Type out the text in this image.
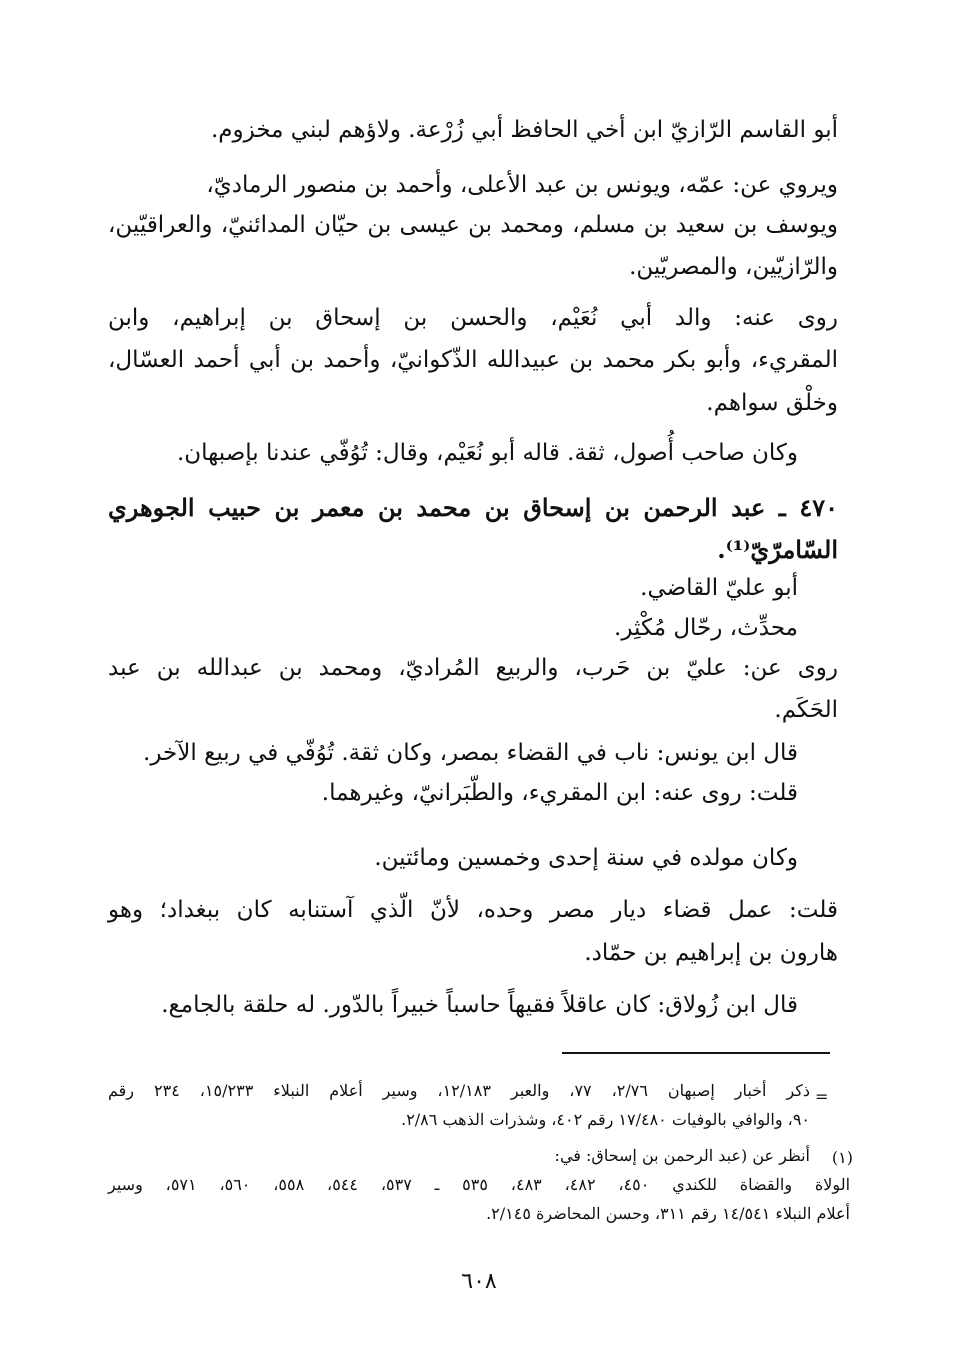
أبو القاسم الرّازيّ ابن أخي الحافظ أبي زُرْعة. ولاؤهم لبني مخزوم.
ويروي عن: عمّه، ويونس بن عبد الأعلى، وأحمد بن منصور الرماديّ،
ويوسف بن سعيد بن مسلم، ومحمد بن عيسى بن حيّان المدائنيّ، والعراقيّين،
والرّازيّين، والمصريّين.
روى عنه: والد أبي نُعَيْم، والحسن بن إسحاق بن إبراهيم، وابن
المقريء، وأبو بكر محمد بن عبيدالله الذّكوانيّ، وأحمد بن أبي أحمد العسّال،
وخلْق سواهم.
وكان صاحب أُصول، ثقة. قاله أبو نُعَيْم، وقال: تُوُفّي عندنا بإصبهان.
٤٧٠ ـ عبد الرحمن بن إسحاق بن محمد بن معمر بن حبيب الجوهري
السّامرّيّ⁽¹⁾.
أبو عليّ القاضي.
محدِّث، رحّال مُكْثِر.
روى عن: عليّ بن حَرب، والربيع المُراديّ، ومحمد بن عبدالله بن عبد
الحَكَم.
قال ابن يونس: ناب في القضاء بمصر، وكان ثقة. تُوُفّي في ربيع الآخر.
قلت: روى عنه: ابن المقريء، والطّبَرانيّ، وغيرهما.
وكان مولده في سنة إحدى وخمسين ومائتين.
قلت: عمل قضاء ديار مصر وحده، لأنّ الّذي آستنابه كان ببغداد؛ وهو
هارون بن إبراهيم بن حمّاد.
قال ابن زُولاق: كان عاقلاً فقيهاً حاسباً خبيراً بالدّور. له حلقة بالجامع.
=
ذكر أخبار إصبهان ٢/٧٦، ٧٧، والعبر ١٢/١٨٣، وسير أعلام النبلاء ١٥/٢٣٣، ٢٣٤ رقم
٩٠، والوافي بالوفيات ١٧/٤٨٠ رقم ٤٠٢، وشذرات الذهب ٢/٨٦.
(١)
أنظر عن (عبد الرحمن بن إسحاق: في:
الولاة والقضاة للكندي ٤٥٠، ٤٨٢، ٤٨٣، ٥٣٥ ـ ٥٣٧، ٥٤٤، ٥٥٨، ٥٦٠، ٥٧١، وسير
أعلام النبلاء ١٤/٥٤١ رقم ٣١١، وحسن المحاضرة ٢/١٤٥.
٦٠٨
